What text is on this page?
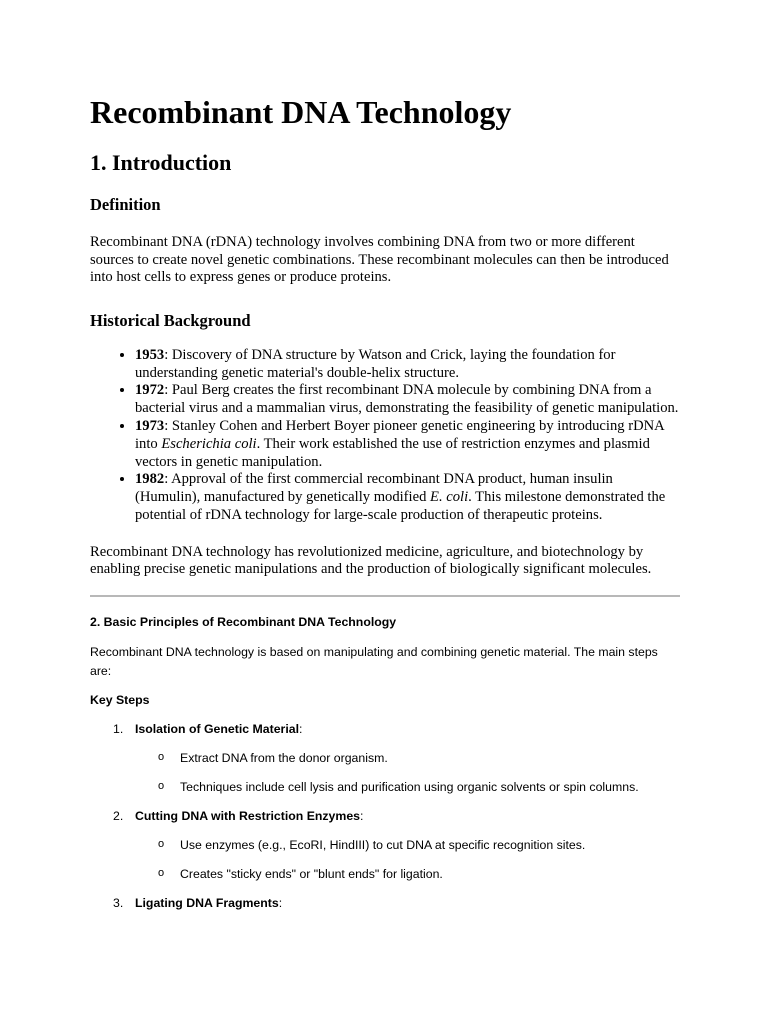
Recombinant DNA Technology
1. Introduction
Definition

Recombinant DNA (rDNA) technology involves combining DNA from two or more different sources to create novel genetic combinations. These recombinant molecules can then be introduced into host cells to express genes or produce proteins.

Historical Background
• 1953: Discovery of DNA structure by Watson and Crick, laying the foundation for understanding genetic material's double-helix structure.
• 1972: Paul Berg creates the first recombinant DNA molecule by combining DNA from a bacterial virus and a mammalian virus, demonstrating the feasibility of genetic manipulation.
• 1973: Stanley Cohen and Herbert Boyer pioneer genetic engineering by introducing rDNA into Escherichia coli. Their work established the use of restriction enzymes and plasmid vectors in genetic manipulation.
• 1982: Approval of the first commercial recombinant DNA product, human insulin (Humulin), manufactured by genetically modified E. coli. This milestone demonstrated the potential of rDNA technology for large-scale production of therapeutic proteins.

Recombinant DNA technology has revolutionized medicine, agriculture, and biotechnology by enabling precise genetic manipulations and the production of biologically significant molecules.

2. Basic Principles of Recombinant DNA Technology

Recombinant DNA technology is based on manipulating and combining genetic material. The main steps are:

Key Steps
1. Isolation of Genetic Material:
o Extract DNA from the donor organism.
o Techniques include cell lysis and purification using organic solvents or spin columns.
2. Cutting DNA with Restriction Enzymes:
o Use enzymes (e.g., EcoRI, HindIII) to cut DNA at specific recognition sites.
o Creates "sticky ends" or "blunt ends" for ligation.
3. Ligating DNA Fragments:
